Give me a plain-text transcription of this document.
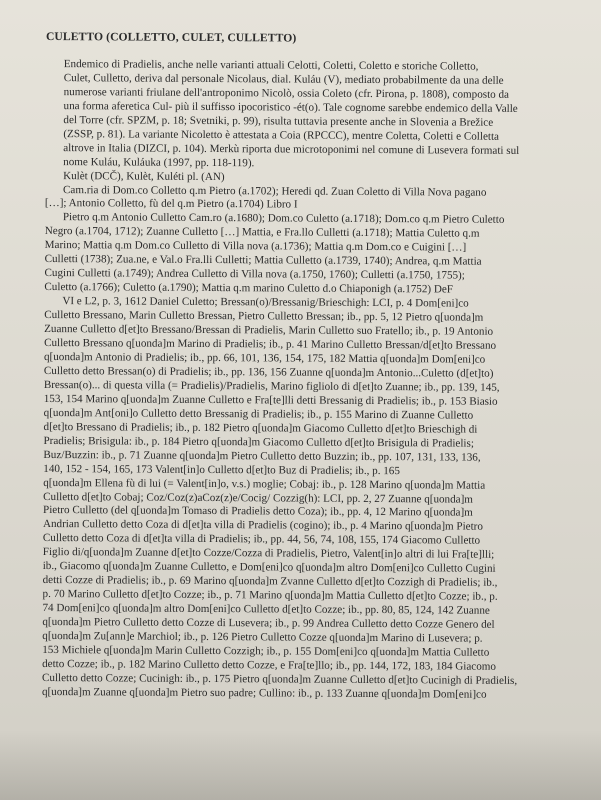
CULETTO (COLLETTO, CULET, CULLETTO)

Endemico di Pradielis, anche nelle varianti attuali Celotti, Coletti, Coletto e storiche Colletto,
Culet, Culletto, deriva dal personale Nicolaus, dial. Kuláu (V), mediato probabilmente da una delle
numerose varianti friulane dell'antroponimo Nicolò, ossia Coleto (cfr. Pirona, p. 1808), composto da
una forma aferetica Cul- più il suffisso ipocoristico -ét(o). Tale cognome sarebbe endemico della Valle
del Torre (cfr. SPZM, p. 18; Svetniki, p. 99), risulta tuttavia presente anche in Slovenia a Brežice
(ZSSP, p. 81). La variante Nicoletto è attestata a Coia (RPCCC), mentre Coletta, Coletti e Colletta
altrove in Italia (DIZCI, p. 104). Merkù riporta due microtoponimi nel comune di Lusevera formati sul
nome Kuláu, Kuláuka (1997, pp. 118-119).

Kulèt (DCČ), Kulèt, Kuléti pl. (AN)
Cam.ria di Dom.co Colletto q.m Pietro (a.1702); Heredi qd. Zuan Coletto di Villa Nova pagano
[…]; Antonio Colletto, fù del q.m Pietro (a.1704) Libro I
Pietro q.m Antonio Culletto Cam.ro (a.1680); Dom.co Culetto (a.1718); Dom.co q.m Pietro Culetto
Negro (a.1704, 1712); Zuanne Culletto […] Mattia, e Fra.llo Culletti (a.1718); Mattia Culetto q.m
Marino; Mattia q.m Dom.co Culletto di Villa nova (a.1736); Mattia q.m Dom.co e Cuigini […]
Culletti (1738); Zua.ne, e Val.o Fra.lli Culletti; Mattia Culletto (a.1739, 1740); Andrea, q.m Mattia
Cugini Culletti (a.1749); Andrea Culletto di Villa nova (a.1750, 1760); Culletti (a.1750, 1755);
Culetto (a.1766); Culetto (a.1790); Mattia q.m marino Culetto d.o Chiaponigh (a.1752) DeF
VI e L2, p. 3, 1612 Daniel Culetto; Bressan(o)/Bressanig/Brieschigh: LCI, p. 4 Dom[eni]co
Culletto Bressano, Marin Culletto Bressan, Pietro Culletto Bressan; ib., pp. 5, 12 Pietro q[uonda]m
Zuanne Culletto d[et]to Bressano/Bressan di Pradielis, Marin Culletto suo Fratello; ib., p. 19 Antonio
Culletto Bressano q[uonda]m Marino di Pradielis; ib., p. 41 Marino Culletto Bressan/d[et]to Bressano
q[uonda]m Antonio di Pradielis; ib., pp. 66, 101, 136, 154, 175, 182 Mattia q[uonda]m Dom[eni]co
Culletto detto Bressan(o) di Pradielis; ib., pp. 136, 156 Zuanne q[uonda]m Antonio...Culetto (d[et]to)
Bressan(o)... di questa villa (= Pradielis)/Pradielis, Marino figliolo di d[et]to Zuanne; ib., pp. 139, 145,
153, 154 Marino q[uonda]m Zuanne Culletto e Fra[te]lli detti Bressanig di Pradielis; ib., p. 153 Biasio
q[uonda]m Ant[oni]o Culletto detto Bressanig di Pradielis; ib., p. 155 Marino di Zuanne Culletto
d[et]to Bressano di Pradielis; ib., p. 182 Pietro q[uonda]m Giacomo Culletto d[et]to Brieschigh di
Pradielis; Brisigula: ib., p. 184 Pietro q[uonda]m Giacomo Culletto d[et]to Brisigula di Pradielis;
Buz/Buzzin: ib., p. 71 Zuanne q[uonda]m Pietro Culletto detto Buzzin; ib., pp. 107, 131, 133, 136,
140, 152 - 154, 165, 173 Valent[in]o Culletto d[et]to Buz di Pradielis; ib., p. 165
q[uonda]m Ellena fù di lui (= Valent[in]o, v.s.) moglie; Cobaj: ib., p. 128 Marino q[uonda]m Mattia
Culletto d[et]to Cobaj; Coz/Coz(z)aCoz(z)e/Cocig/ Cozzig(h): LCI, pp. 2, 27 Zuanne q[uonda]m
Pietro Culletto (del q[uonda]m Tomaso di Pradielis detto Coza); ib., pp. 4, 12 Marino q[uonda]m
Andrian Culletto detto Coza di d[et]ta villa di Pradielis (cogino); ib., p. 4 Marino q[uonda]m Pietro
Culletto detto Coza di d[et]ta villa di Pradielis; ib., pp. 44, 56, 74, 108, 155, 174 Giacomo Culletto
Figlio di/q[uonda]m Zuanne d[et]to Cozze/Cozza di Pradielis, Pietro, Valent[in]o altri di lui Fra[te]lli;
ib., Giacomo q[uonda]m Zuanne Culletto, e Dom[eni]co q[uonda]m altro Dom[eni]co Culletto Cugini
detti Cozze di Pradielis; ib., p. 69 Marino q[uonda]m Zvanne Culletto d[et]to Cozzigh di Pradielis; ib.,
p. 70 Marino Culletto d[et]to Cozze; ib., p. 71 Marino q[uonda]m Mattia Culletto d[et]to Cozze; ib., p.
74 Dom[eni]co q[uonda]m altro Dom[eni]co Culletto d[et]to Cozze; ib., pp. 80, 85, 124, 142 Zuanne
q[uonda]m Pietro Culletto detto Cozze di Lusevera; ib., p. 99 Andrea Culletto detto Cozze Genero del
q[uonda]m Zu[ann]e Marchiol; ib., p. 126 Pietro Culletto Cozze q[uonda]m Marino di Lusevera; p.
153 Michiele q[uonda]m Marin Culletto Cozzigh; ib., p. 155 Dom[eni]co q[uonda]m Mattia Culletto
detto Cozze; ib., p. 182 Marino Culletto detto Cozze, e Fra[te]llo; ib., pp. 144, 172, 183, 184 Giacomo
Culletto detto Cozze; Cucinigh: ib., p. 175 Pietro q[uonda]m Zuanne Culletto d[et]to Cucinigh di Pradielis,
q[uonda]m Zuanne q[uonda]m Pietro suo padre; Cullino: ib., p. 133 Zuanne q[uonda]m Dom[eni]co
